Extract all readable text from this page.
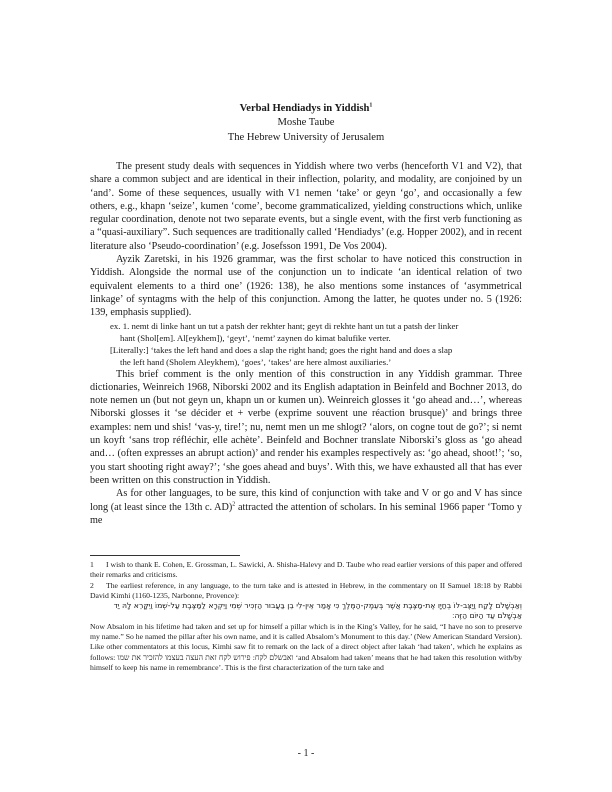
Verbal Hendiadys in Yiddish$^1$
Moshe Taube
The Hebrew University of Jerusalem

The present study deals with sequences in Yiddish where two verbs (henceforth V1 and V2), that share a common subject and are identical in their inflection, polarity, and modality, are conjoined by un ‘and’. Some of these sequences, usually with V1 nemen ‘take’ or geyn ‘go’, and occasionally a few others, e.g., khapn ‘seize’, kumen ‘come’, become grammaticalized, yielding constructions which, unlike regular coordination, denote not two separate events, but a single event, with the first verb functioning as a “quasi-auxiliary”. Such sequences are traditionally called ‘Hendiadys’ (e.g. Hopper 2002), and in recent literature also ‘Pseudo-coordination’ (e.g. Josefsson 1991, De Vos 2004).

Ayzik Zaretski, in his 1926 grammar, was the first scholar to have noticed this construction in Yiddish. Alongside the normal use of the conjunction un to indicate ‘an identical relation of two equivalent elements to a third one’ (1926: 138), he also mentions some instances of ‘asymmetrical linkage’ of syntagms with the help of this conjunction. Among the latter, he quotes under no. 5 (1926: 139, emphasis supplied).

ex. 1. nemt di linke hant un tut a patsh der rekhter hant; geyt di rekhte hant un tut a patsh der linker

hant (Shol[em]. Al[eykhem]), ‘geyt’, ‘nemt’ zaynen do kimat balufike verter.

[Literally:] ‘takes the left hand and does a slap the right hand; goes the right hand and does a slap

the left hand (Sholem Aleykhem), ‘goes’, ‘takes’ are here almost auxiliaries.’

This brief comment is the only mention of this construction in any Yiddish grammar. Three dictionaries, Weinreich 1968, Niborski 2002 and its English adaptation in Beinfeld and Bochner 2013, do note nemen un (but not geyn un, khapn un or kumen un). Weinreich glosses it ‘go ahead and…’, whereas Niborski glosses it ‘se décider et + verbe (exprime souvent une réaction brusque)’ and brings three examples: nem und shis! ‘vas-y, tire!’; nu, nemt men un me shlogt? ‘alors, on cogne tout de go?’; si nemt un koyft ‘sans trop réfléchir, elle achète’. Beinfeld and Bochner translate Niborski’s gloss as ‘go ahead and… (often expresses an abrupt action)’ and render his examples respectively as: ‘go ahead, shoot!’; ‘so, you start shooting right away?’; ‘she goes ahead and buys’. With this, we have exhausted all that has ever been written on this construction in Yiddish.

As for other languages, to be sure, this kind of conjunction with take and V or go and V has since long (at least since the 13th c. AD)$^2$ attracted the attention of scholars. In his seminal 1966 paper ‘Tomo y me

1 I wish to thank E. Cohen, E. Grossman, L. Sawicki, A. Shisha-Halevy and D. Taube who read earlier versions of this paper and offered their remarks and criticisms.

2 The earliest reference, in any language, to the turn take and is attested in Hebrew, in the commentary on II Samuel 18:18 by Rabbi David Kimhi (1160-1235, Narbonne, Provence):

וְאַבְשָׁלֹם לָקַח וַיַּצֶּב-לוֹ בְחַיָּו אֶת-מַצֶּבֶת אֲשֶׁר בְּעֵמֶק-הַמֶּלֶךְ כִּי אָמַר אֵין-לִי בֵן בַּעֲבוּר הַזְכִּיר שְׁמִי וַיִּקְרָא לַמַּצֶּבֶת עַל-שְׁמוֹ וַיִּקָּרֵא לָהּ יַד אַבְשָׁלֹם עַד הַיּוֹם הַזֶּה׃

Now Absalom in his lifetime had taken and set up for himself a pillar which is in the King’s Valley, for he said, “I have no son to preserve my name.” So he named the pillar after his own name, and it is called Absalom’s Monument to this day.’ (New American Standard Version). Like other commentators at this locus, Kimhi saw fit to remark on the lack of a direct object after lakah ‘had taken’, which he explains as follows: ואבשלם לקח: פירוש לקח זאת העצה בעצמו להזכיר את שמו ‘and Absalom had taken’ means that he had taken this resolution with/by himself to keep his name in remembrance’. This is the first characterization of the turn take and

- 1 -
